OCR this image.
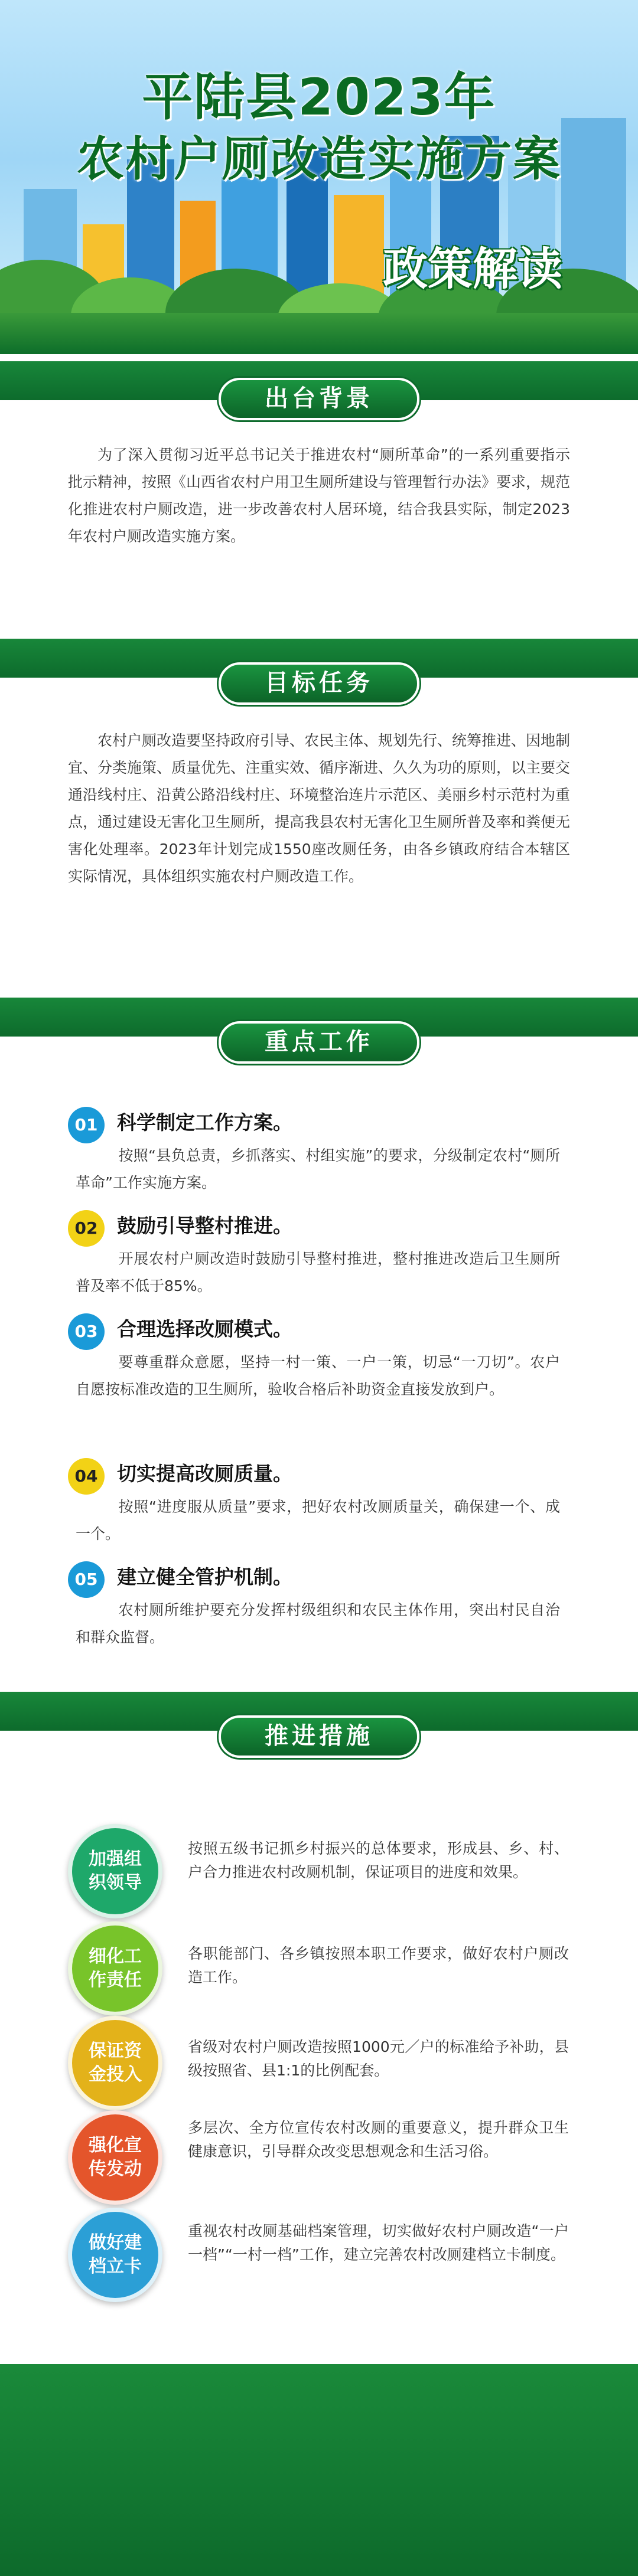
平陆县2023年
农村户厕改造实施方案
政策解读
出台背景
为了深入贯彻习近平总书记关于推进农村“厕所革命”的一系列重要指示批示精神，按照《山西省农村户用卫生厕所建设与管理暂行办法》要求，规范化推进农村户厕改造，进一步改善农村人居环境，结合我县实际，制定2023年农村户厕改造实施方案。
目标任务
农村户厕改造要坚持政府引导、农民主体、规划先行、统筹推进、因地制宜、分类施策、质量优先、注重实效、循序渐进、久久为功的原则，以主要交通沿线村庄、沿黄公路沿线村庄、环境整治连片示范区、美丽乡村示范村为重点，通过建设无害化卫生厕所，提高我县农村无害化卫生厕所普及率和粪便无害化处理率。2023年计划完成1550座改厕任务，由各乡镇政府结合本辖区实际情况，具体组织实施农村户厕改造工作。
重点工作
01 科学制定工作方案。
按照“县负总责，乡抓落实、村组实施”的要求，分级制定农村“厕所革命”工作实施方案。
02 鼓励引导整村推进。
开展农村户厕改造时鼓励引导整村推进，整村推进改造后卫生厕所普及率不低于85%。
03 合理选择改厕模式。
要尊重群众意愿，坚持一村一策、一户一策，切忌“一刀切”。农户自愿按标准改造的卫生厕所，验收合格后补助资金直接发放到户。
04 切实提高改厕质量。
按照“进度服从质量”要求，把好农村改厕质量关，确保建一个、成一个。
05 建立健全管护机制。
农村厕所维护要充分发挥村级组织和农民主体作用，突出村民自治和群众监督。
推进措施
加强组织领导
按照五级书记抓乡村振兴的总体要求，形成县、乡、村、户合力推进农村改厕机制，保证项目的进度和效果。
细化工作责任
各职能部门、各乡镇按照本职工作要求，做好农村户厕改造工作。
保证资金投入
省级对农村户厕改造按照1000元／户的标准给予补助，县级按照省、县1:1的比例配套。
强化宣传发动
多层次、全方位宣传农村改厕的重要意义，提升群众卫生健康意识，引导群众改变思想观念和生活习俗。
做好建档立卡
重视农村改厕基础档案管理，切实做好农村户厕改造“一户一档”“一村一档”工作，建立完善农村改厕建档立卡制度。
